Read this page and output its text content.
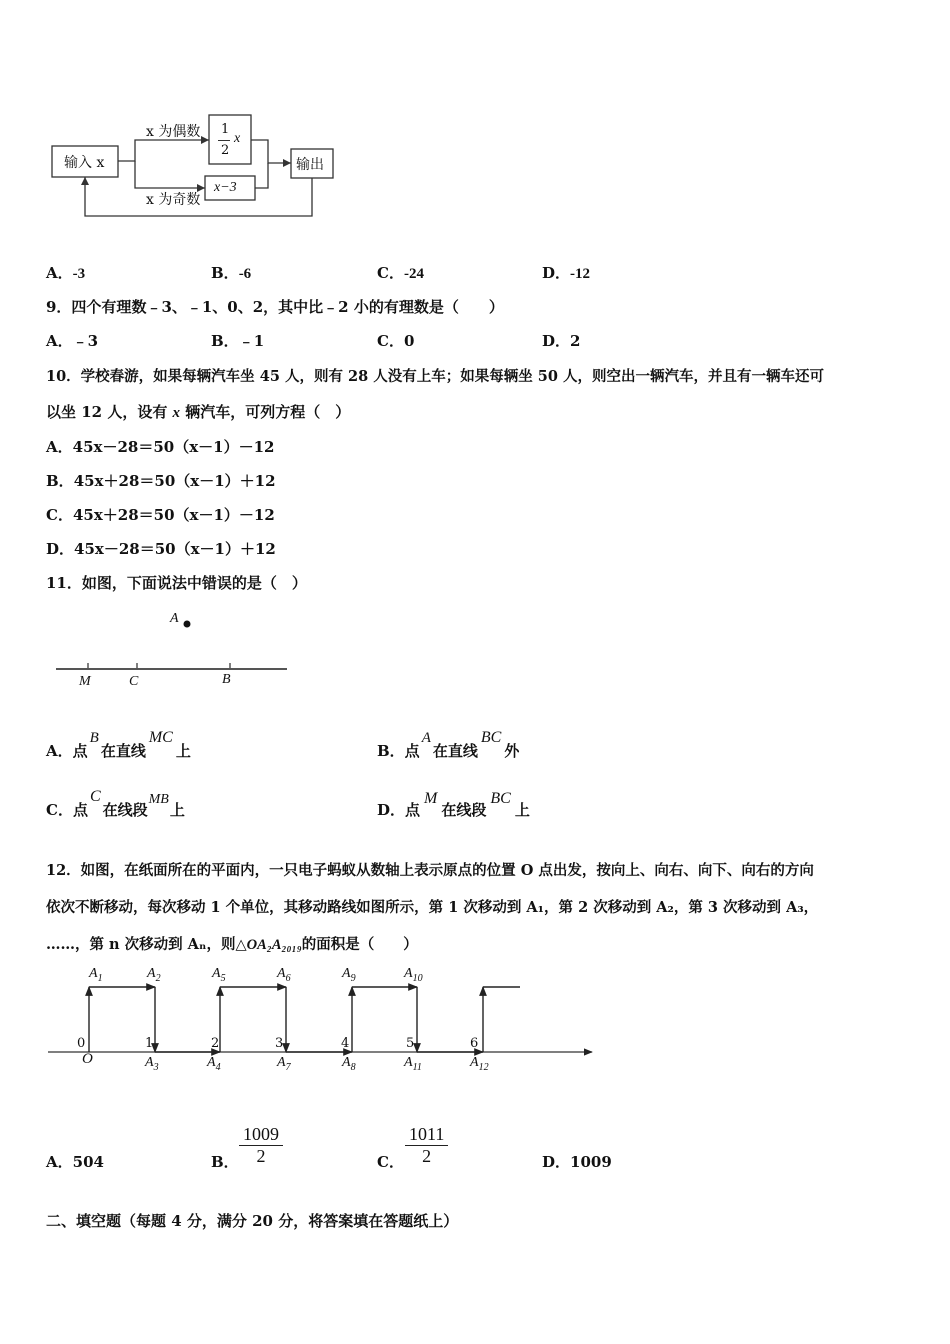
输入 x
x 为偶数
x 为奇数
1
2
x
x−3
输出
A．-3	B．-6	C．-24	D．-12
9．四个有理数﹣3、﹣1、0、2，其中比﹣2 小的有理数是（　　）
A．﹣3	B．﹣1	C．0	D．2
10．学校春游，如果每辆汽车坐 45 人，则有 28 人没有上车；如果每辆坐 50 人，则空出一辆汽车，并且有一辆车还可
以坐 12 人，设有 x 辆汽车，可列方程（　）
A．45x－28＝50（x－1）－12
B．45x＋28＝50（x－1）＋12
C．45x＋28＝50（x－1）－12
D．45x－28＝50（x－1）＋12
11．如图，下面说法中错误的是（　）
A
M	C	B
A．点B在直线MC上	B．点A在直线BC外
C．点C在线段MB上	D．点M在线段BC上
12．如图，在纸面所在的平面内，一只电子蚂蚁从数轴上表示原点的位置 O 点出发，按向上、向右、向下、向右的方向
依次不断移动，每次移动 1 个单位，其移动路线如图所示，第 1 次移动到 A₁，第 2 次移动到 A₂，第 3 次移动到 A₃，
……，第 n 次移动到 Aₙ，则△OA₂A₂₀₁₉的面积是（　　）
$A_1$	$A_2$	$A_5$	$A_6$	$A_9$	$A_{10}$
$A_3$	$A_4$	$A_7$	$A_8$	$A_{11}$	$A_{12}$
0	1	2	3	4	5	6
O
A．504	B． $\frac{1009}{2}$	C． $\frac{1011}{2}$	D．1009
二、填空题（每题 4 分，满分 20 分，将答案填在答题纸上）
